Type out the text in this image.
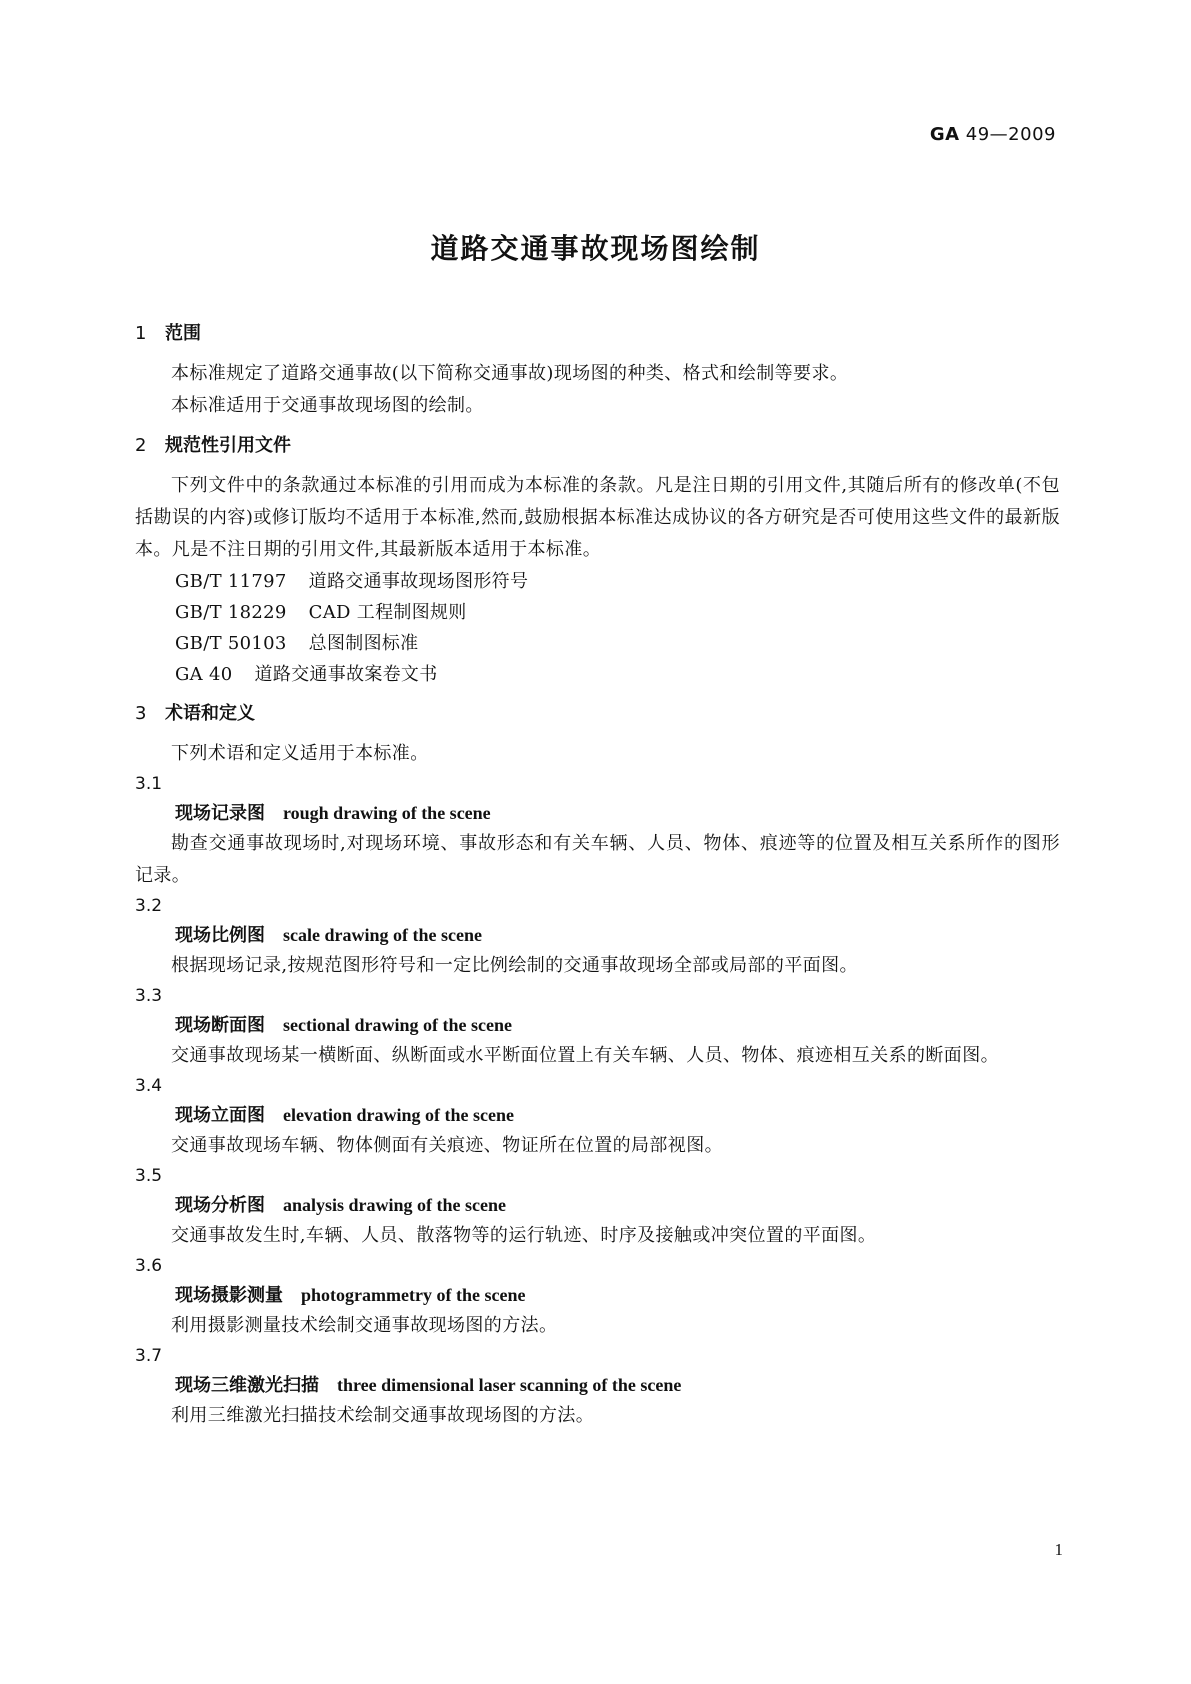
GA 49—2009
道路交通事故现场图绘制
1	范围
本标准规定了道路交通事故(以下简称交通事故)现场图的种类、格式和绘制等要求。
本标准适用于交通事故现场图的绘制。
2	规范性引用文件
下列文件中的条款通过本标准的引用而成为本标准的条款。凡是注日期的引用文件,其随后所有的修改单(不包括勘误的内容)或修订版均不适用于本标准,然而,鼓励根据本标准达成协议的各方研究是否可使用这些文件的最新版本。凡是不注日期的引用文件,其最新版本适用于本标准。
GB/T 11797 道路交通事故现场图形符号
GB/T 18229 CAD 工程制图规则
GB/T 50103 总图制图标准
GA 40 道路交通事故案卷文书
3	术语和定义
下列术语和定义适用于本标准。
3.1
现场记录图 rough drawing of the scene
勘查交通事故现场时,对现场环境、事故形态和有关车辆、人员、物体、痕迹等的位置及相互关系所作的图形记录。
3.2
现场比例图 scale drawing of the scene
根据现场记录,按规范图形符号和一定比例绘制的交通事故现场全部或局部的平面图。
3.3
现场断面图 sectional drawing of the scene
交通事故现场某一横断面、纵断面或水平断面位置上有关车辆、人员、物体、痕迹相互关系的断面图。
3.4
现场立面图 elevation drawing of the scene
交通事故现场车辆、物体侧面有关痕迹、物证所在位置的局部视图。
3.5
现场分析图 analysis drawing of the scene
交通事故发生时,车辆、人员、散落物等的运行轨迹、时序及接触或冲突位置的平面图。
3.6
现场摄影测量 photogrammetry of the scene
利用摄影测量技术绘制交通事故现场图的方法。
3.7
现场三维激光扫描 three dimensional laser scanning of the scene
利用三维激光扫描技术绘制交通事故现场图的方法。
1
